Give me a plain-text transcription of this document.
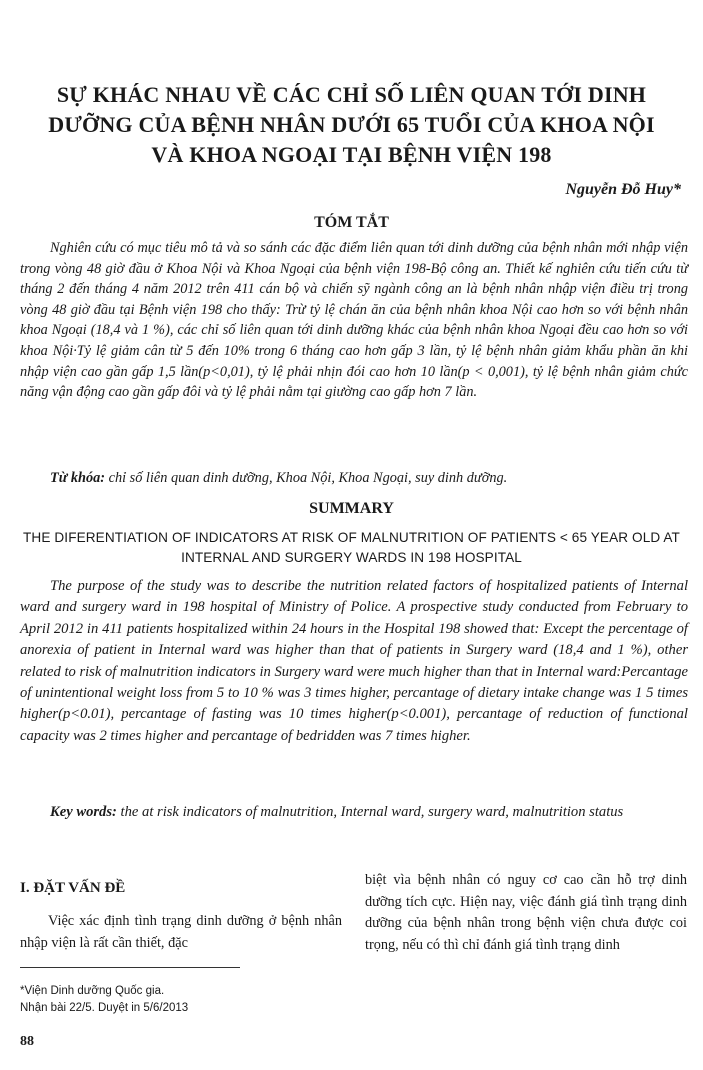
SỰ KHÁC NHAU VỀ CÁC CHỈ SỐ LIÊN QUAN TỚI DINH DƯỠNG CỦA BỆNH NHÂN DƯỚI 65 TUỔI CỦA KHOA NỘI VÀ KHOA NGOẠI TẠI BỆNH VIỆN 198
Nguyễn Đỗ Huy*
TÓM TẮT

Nghiên cứu có mục tiêu mô tả và so sánh các đặc điểm liên quan tới dinh dưỡng của bệnh nhân mới nhập viện trong vòng 48 giờ đầu ở Khoa Nội và Khoa Ngoại của bệnh viện 198-Bộ công an. Thiết kế nghiên cứu tiến cứu từ tháng 2 đến tháng 4 năm 2012 trên 411 cán bộ và chiến sỹ ngành công an là bệnh nhân nhập viện điều trị trong vòng 48 giờ đầu tại Bệnh viện 198 cho thấy: Trừ tỷ lệ chán ăn của bệnh nhân khoa Nội cao hơn so với bệnh nhân khoa Ngoại (18,4 và 1 %), các chỉ số liên quan tới dinh dưỡng khác của bệnh nhân khoa Ngoại đều cao hơn so với khoa Nội·Tỷ lệ giảm cân từ 5 đến 10% trong 6 tháng cao hơn gấp 3 lần, tỷ lệ bệnh nhân giảm khẩu phần ăn khi nhập viện cao gần gấp 1,5 lần(p<0,01), tỷ lệ phải nhịn đói cao hơn 10 lần(p < 0,001), tỷ lệ bệnh nhân giảm chức năng vận động cao gần gấp đôi và tỷ lệ phải nằm tại giường cao gấp hơn 7 lần.

Từ khóa: chỉ số liên quan dinh dưỡng, Khoa Nội, Khoa Ngoại, suy dinh dưỡng.

SUMMARY
THE DIFERENTIATION OF INDICATORS AT RISK OF MALNUTRITION OF PATIENTS < 65 YEAR OLD AT INTERNAL AND SURGERY WARDS IN 198 HOSPITAL

The purpose of the study was to describe the nutrition related factors of hospitalized patients of Internal ward and surgery ward in 198 hospital of Ministry of Police. A prospective study conducted from February to April 2012 in 411 patients hospitalized within 24 hours in the Hospital 198 showed that: Except the percentage of anorexia of patient in Internal ward was higher than that of patients in Surgery ward (18,4 and 1 %), other related to risk of malnutrition indicators in Surgery ward were much higher than that in Internal ward:Percantage of unintentional weight loss from 5 to 10 % was 3 times higher, percantage of dietary intake change was 1 5 times higher(p<0.01), percantage of fasting was 10 times higher(p<0.001), percantage of reduction of functional capacity was 2 times higher and percantage of bedridden was 7 times higher.

Key words: the at risk indicators of malnutrition, Internal ward, surgery ward, malnutrition status

I. ĐẶT VẤN ĐỀ
Việc xác định tình trạng dinh dưỡng ở bệnh nhân nhập viện là rất cần thiết, đặc
biệt vìa bệnh nhân có nguy cơ cao cần hỗ trợ dinh dưỡng tích cực. Hiện nay, việc đánh giá tình trạng dinh dưỡng của bệnh nhân trong bệnh viện chưa được coi trọng, nếu có thì chỉ đánh giá tình trạng dinh
*Viện Dinh dưỡng Quốc gia.
Nhận bài 22/5. Duyệt in 5/6/2013
88
